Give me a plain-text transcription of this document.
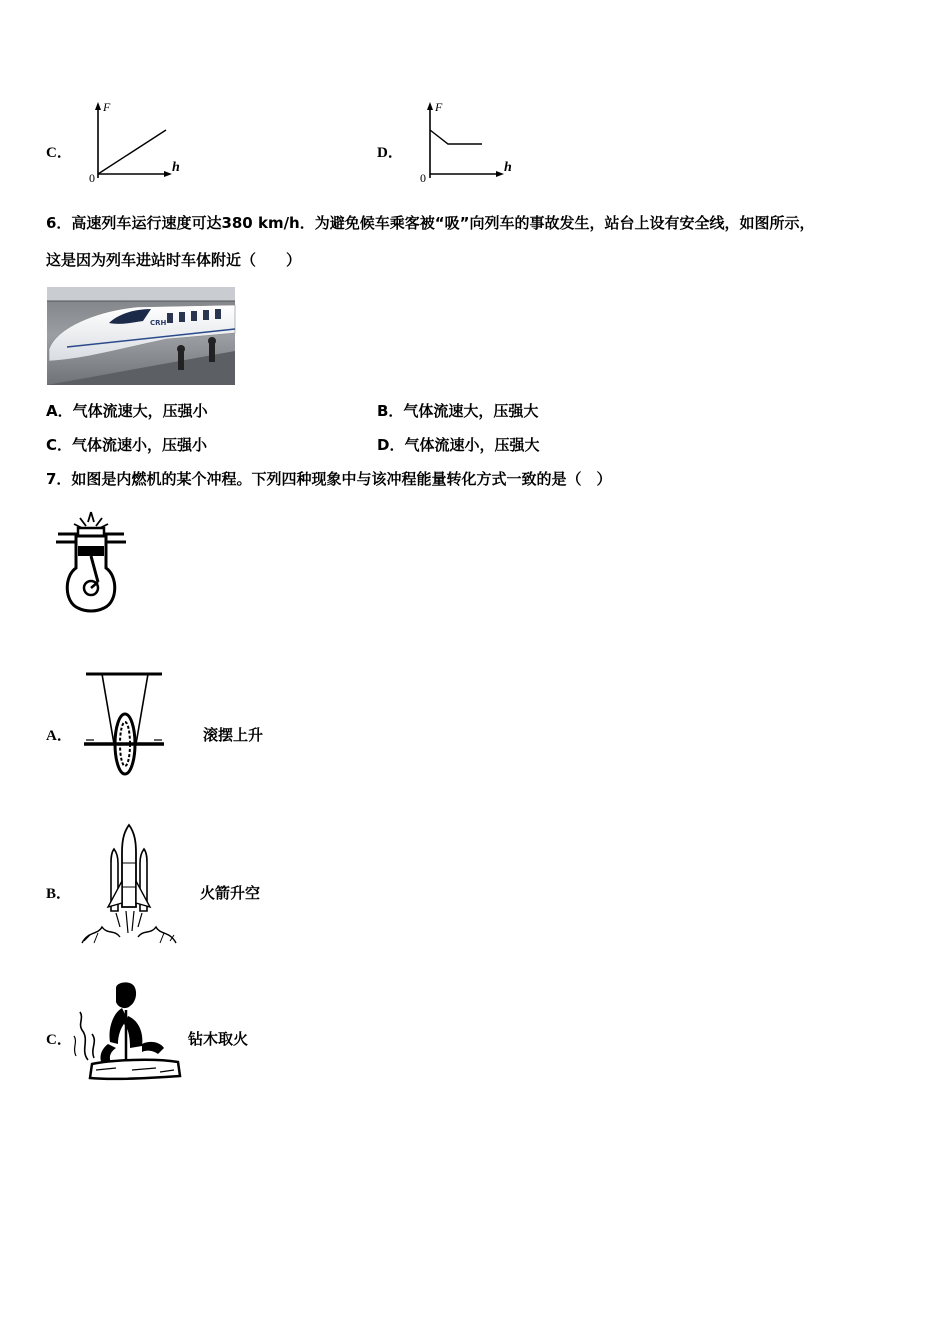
C．
F
h
0
D．
F
h
0
6．高速列车运行速度可达380 km/h．为避免候车乘客被“吸”向列车的事故发生，站台上设有安全线，如图所示，
这是因为列车进站时车体附近（　　）
CRH
A．气体流速大，压强小	B．气体流速大，压强大
C．气体流速小，压强小	D．气体流速小，压强大
7．如图是内燃机的某个冲程。下列四种现象中与该冲程能量转化方式一致的是（　）
A．	滚摆上升
B．	火箭升空
C．	钻木取火
